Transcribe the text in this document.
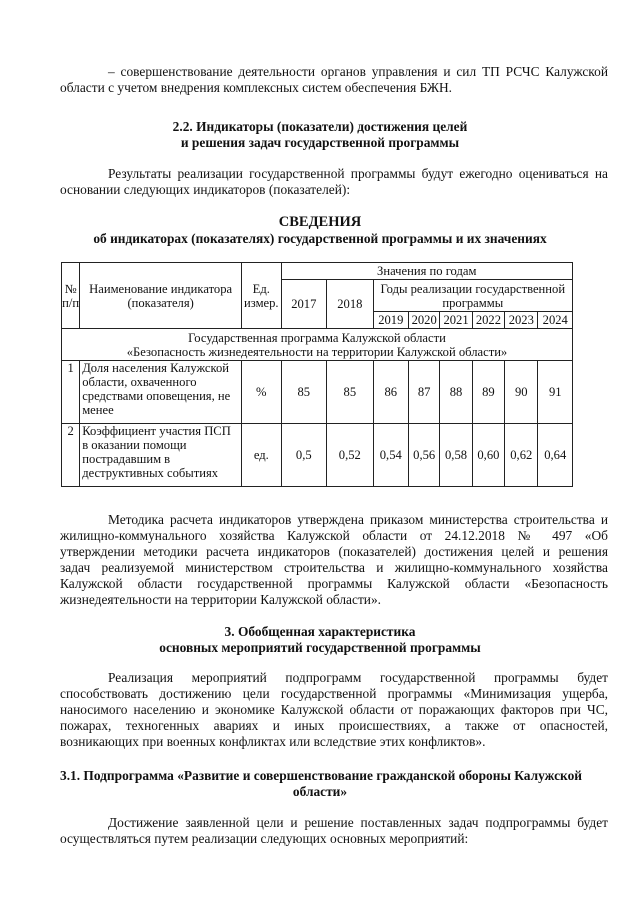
– совершенствование деятельности органов управления и сил ТП РСЧС Калужской
области с учетом внедрения комплексных систем обеспечения БЖН.
2.2. Индикаторы (показатели) достижения целей
и решения задач государственной программы
Результаты реализации государственной программы будут ежегодно оцениваться на
основании следующих индикаторов (показателей):
СВЕДЕНИЯ
об индикаторах (показателях) государственной программы и их значениях
№ п/п	Наименование индикатора (показателя)	Ед. измер.	Значения по годам							
			2017	2018	Годы реализации государственной программы					
					2019	2020	2021	2022	2023	2024

Государственная программа Калужской области
«Безопасность жизнедеятельности на территории Калужской области»										

1	Доля населения Калужской области, охваченного средствами оповещения, не менее	%	85	85	86	87	88	89	90	91
2	Коэффициент участия ПСП в оказании помощи пострадавшим в деструктивных событиях	ед.	0,5	0,52	0,54	0,56	0,58	0,60	0,62	0,64
Методика расчета индикаторов утверждена приказом министерства строительства и
жилищно-коммунального хозяйства Калужской области от 24.12.2018 № 497 «Об
утверждении методики расчета индикаторов (показателей) достижения целей и решения
задач реализуемой министерством строительства и жилищно-коммунального хозяйства
Калужской области государственной программы Калужской области «Безопасность
жизнедеятельности на территории Калужской области».
3. Обобщенная характеристика
основных мероприятий государственной программы
Реализация мероприятий подпрограмм государственной программы будет
способствовать достижению цели государственной программы «Минимизация ущерба,
наносимого населению и экономике Калужской области от поражающих факторов при ЧС,
пожарах, техногенных авариях и иных происшествиях, а также от опасностей,
возникающих при военных конфликтах или вследствие этих конфликтов».
3.1. Подпрограмма «Развитие и совершенствование гражданской обороны Калужской
области»
Достижение заявленной цели и решение поставленных задач подпрограммы будет
осуществляться путем реализации следующих основных мероприятий:
